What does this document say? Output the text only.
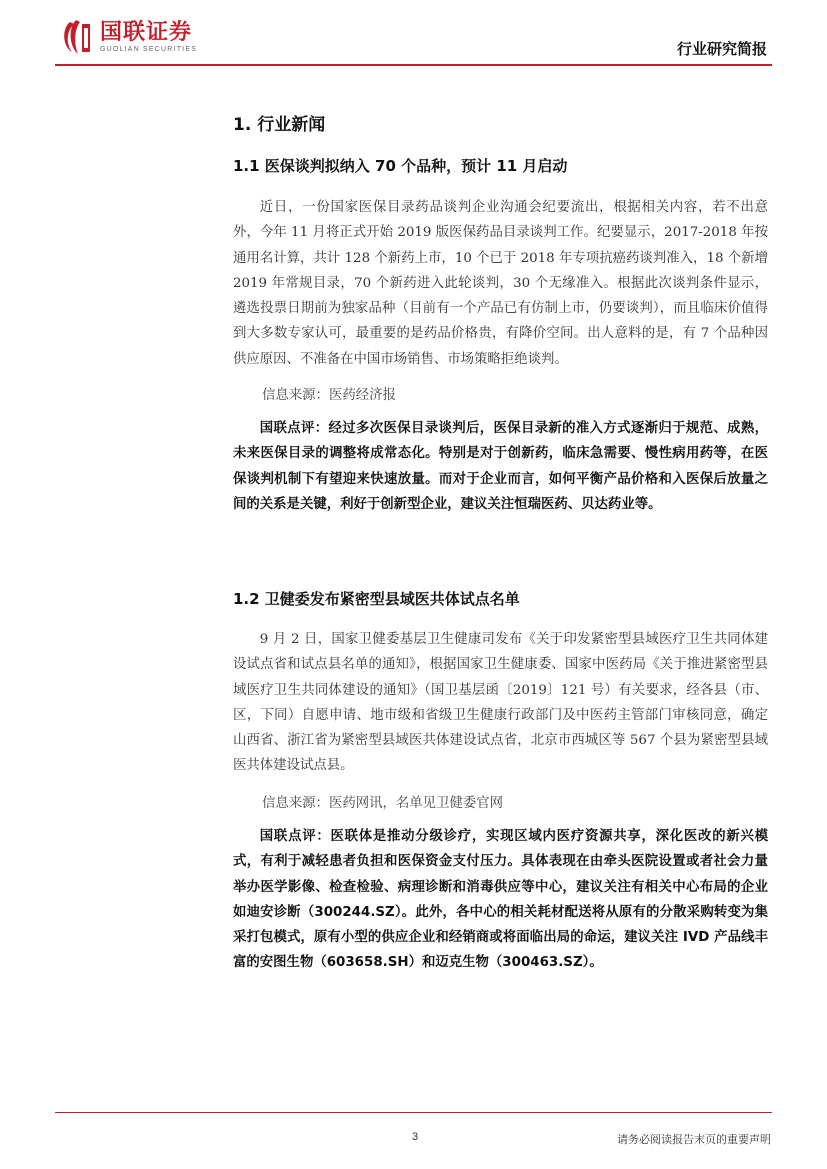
国联证券
GUOLIAN SECURITIES	行业研究简报
1. 行业新闻
1.1 医保谈判拟纳入 70 个品种，预计 11 月启动
近日，一份国家医保目录药品谈判企业沟通会纪要流出，根据相关内容，若不出意外，今年 11 月将正式开始 2019 版医保药品目录谈判工作。纪要显示，2017-2018 年按通用名计算，共计 128 个新药上市，10 个已于 2018 年专项抗癌药谈判准入，18 个新增 2019 年常规目录，70 个新药进入此轮谈判，30 个无缘准入。根据此次谈判条件显示，遴选投票日期前为独家品种（目前有一个产品已有仿制上市，仍要谈判），而且临床价值得到大多数专家认可，最重要的是药品价格贵，有降价空间。出人意料的是，有 7 个品种因供应原因、不准备在中国市场销售、市场策略拒绝谈判。
信息来源：医药经济报
国联点评：经过多次医保目录谈判后，医保目录新的准入方式逐渐归于规范、成熟，未来医保目录的调整将成常态化。特别是对于创新药，临床急需要、慢性病用药等，在医保谈判机制下有望迎来快速放量。而对于企业而言，如何平衡产品价格和入医保后放量之间的关系是关键，利好于创新型企业，建议关注恒瑞医药、贝达药业等。
1.2 卫健委发布紧密型县域医共体试点名单
9 月 2 日，国家卫健委基层卫生健康司发布《关于印发紧密型县域医疗卫生共同体建设试点省和试点县名单的通知》，根据国家卫生健康委、国家中医药局《关于推进紧密型县域医疗卫生共同体建设的通知》（国卫基层函〔2019〕121 号）有关要求，经各县（市、区，下同）自愿申请、地市级和省级卫生健康行政部门及中医药主管部门审核同意，确定山西省、浙江省为紧密型县域医共体建设试点省，北京市西城区等 567 个县为紧密型县域医共体建设试点县。
信息来源：医药网讯，名单见卫健委官网
国联点评：医联体是推动分级诊疗，实现区域内医疗资源共享，深化医改的新兴模式，有利于减轻患者负担和医保资金支付压力。具体表现在由牵头医院设置或者社会力量举办医学影像、检查检验、病理诊断和消毒供应等中心，建议关注有相关中心布局的企业如迪安诊断（300244.SZ）。此外，各中心的相关耗材配送将从原有的分散采购转变为集采打包模式，原有小型的供应企业和经销商或将面临出局的命运，建议关注 IVD 产品线丰富的安图生物（603658.SH）和迈克生物（300463.SZ）。
3	请务必阅读报告末页的重要声明
